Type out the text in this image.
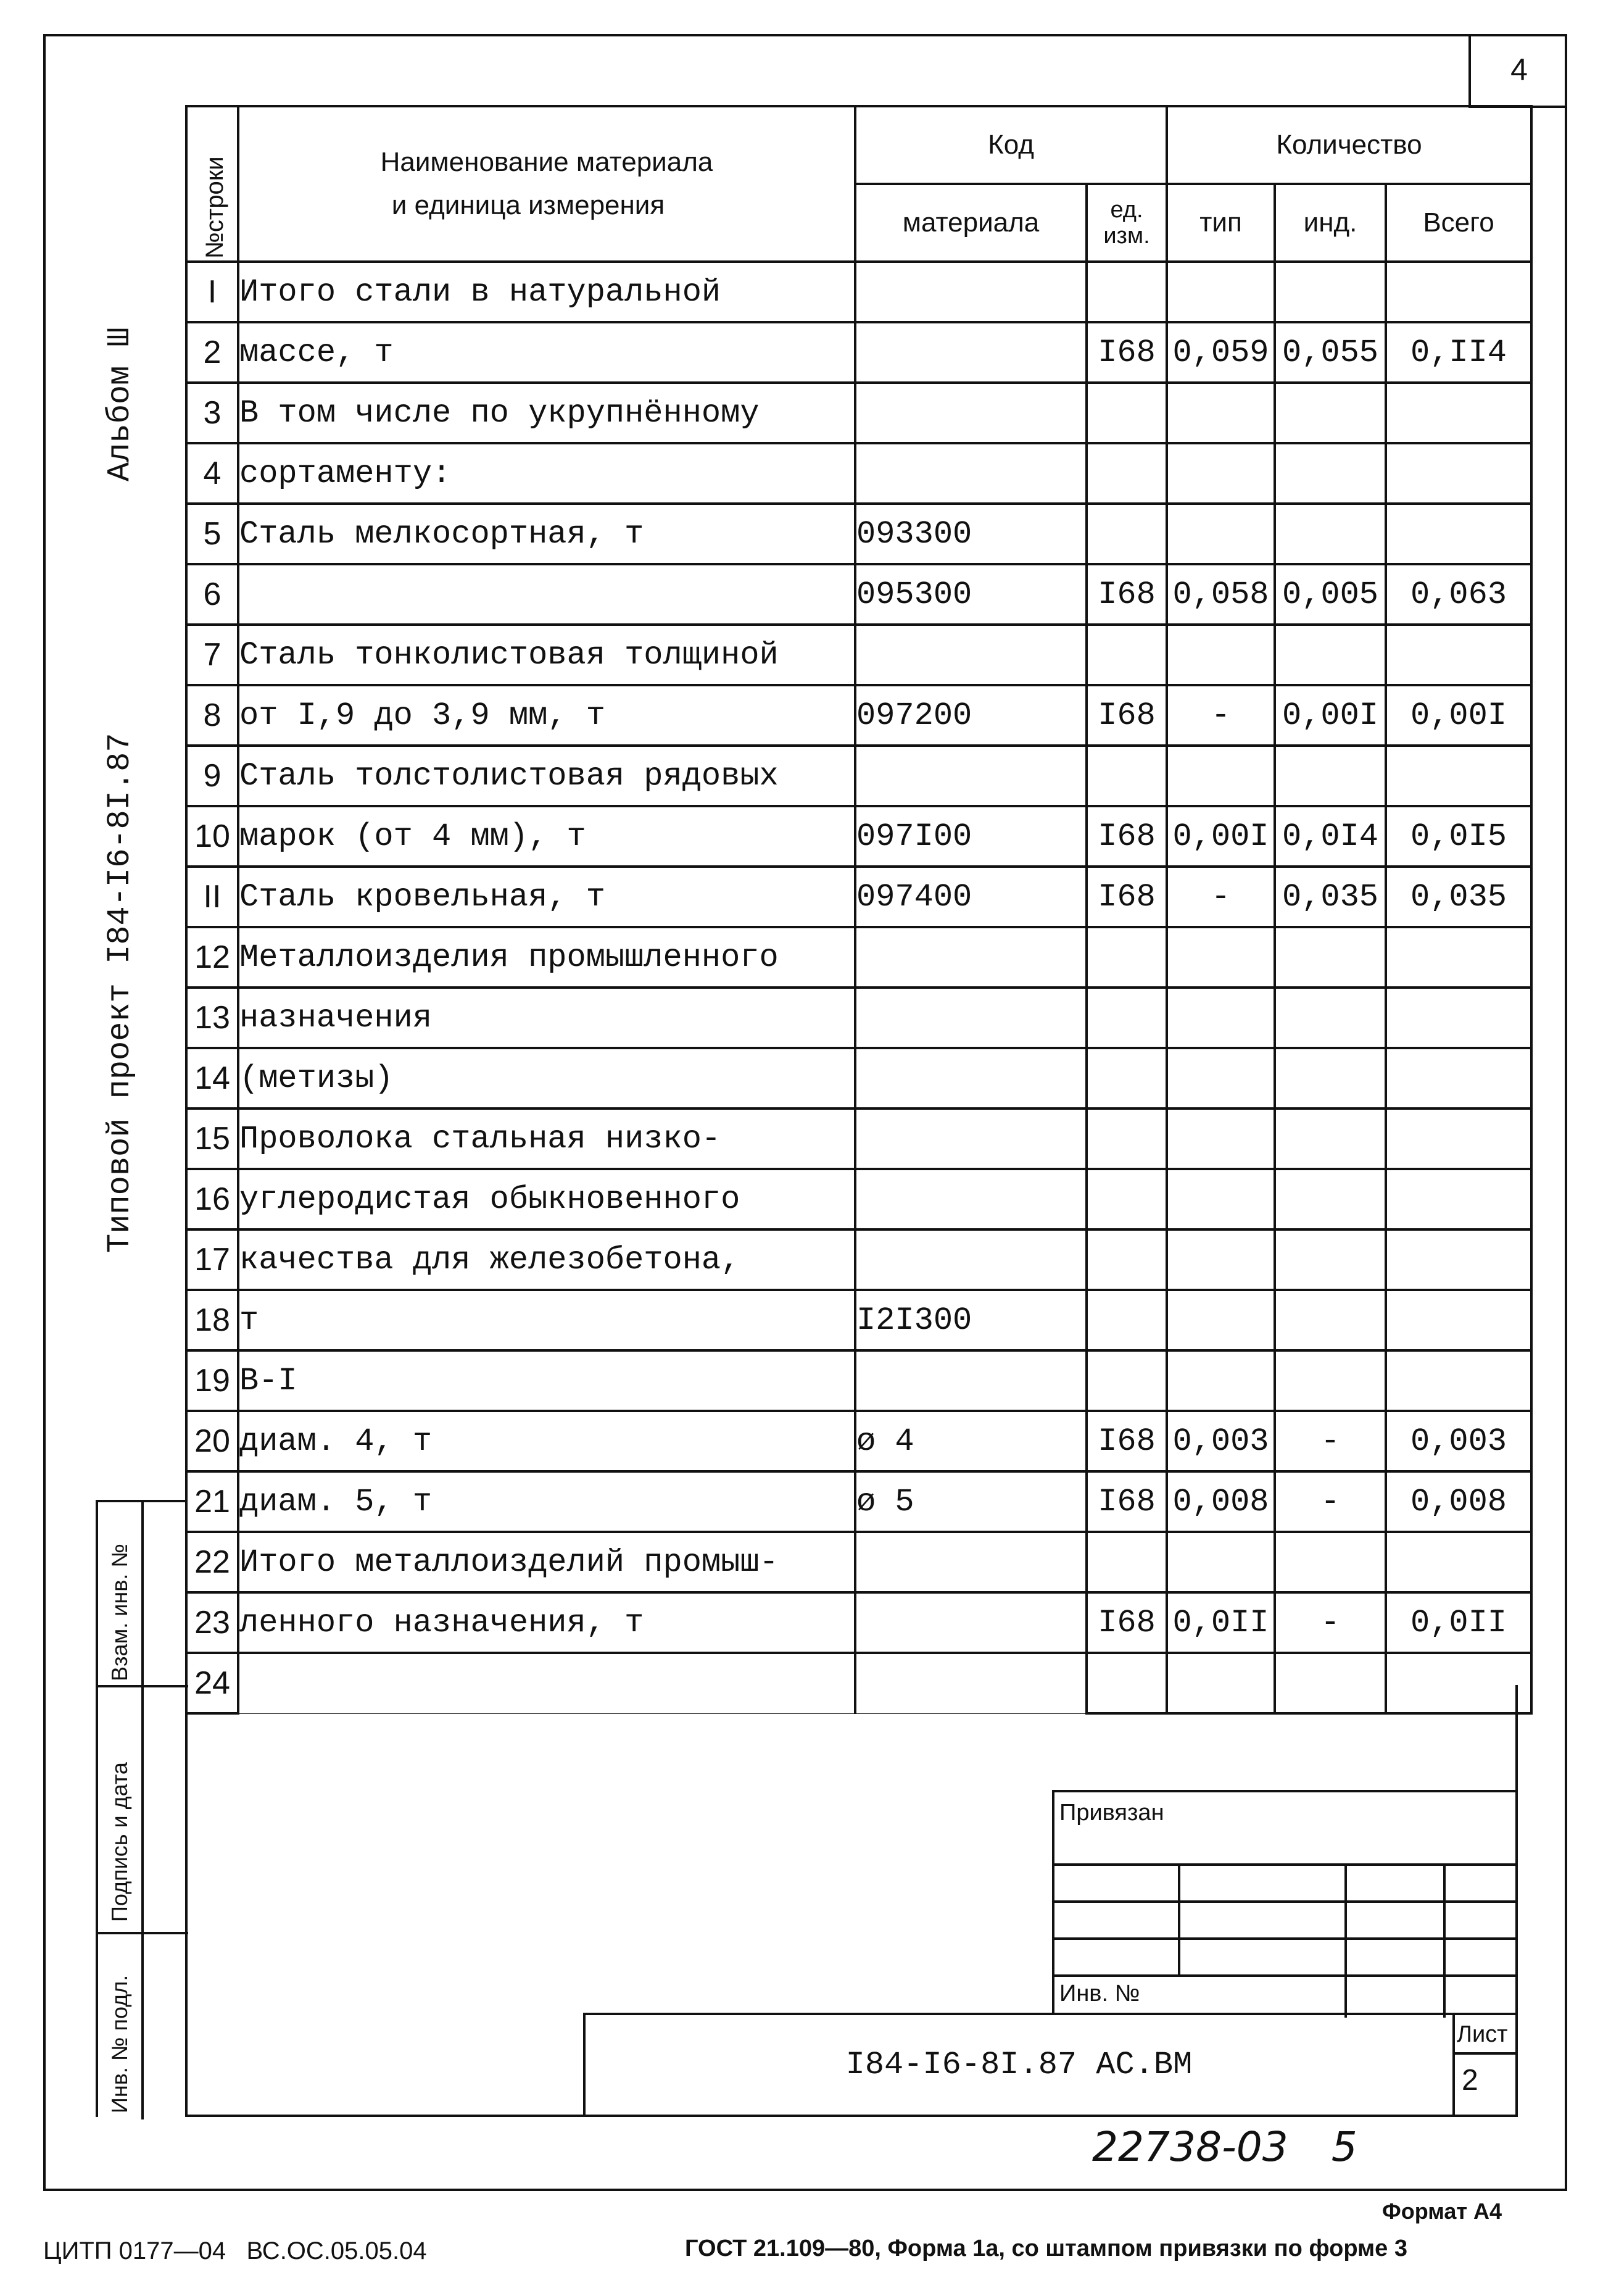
4
Альбом Ш
Типовой проект I84-I6-8I.87
№строки	Наименование материала
и единица измерения	Код		Количество		
		материала	ед. изм.	тип	инд.	Всего
I	Итого стали в натуральной					
2	массе, т		I68	0,059	0,055	0,II4
3	В том числе по укрупнённому					
4	сортаменту:					
5	Сталь мелкосортная, т	093300				
6		095300	I68	0,058	0,005	0,063
7	Сталь тонколистовая толщиной					
8	от I,9 до 3,9 мм, т	097200	I68	-	0,00I	0,00I
9	Сталь толстолистовая рядовых					
10	марок (от 4 мм), т	097I00	I68	0,00I	0,0I4	0,0I5
II	Сталь кровельная, т	097400	I68	-	0,035	0,035
12	Металлоизделия промышленного					
13	назначения					
14	(метизы)					
15	Проволока стальная низко-					
16	углеродистая обыкновенного					
17	качества для железобетона,					
18	т	I2I300				
19	В-I					
20	диам. 4, т	ø 4	I68	0,003	-	0,003
21	диам. 5, т	ø 5	I68	0,008	-	0,008
22	Итого металлоизделий промыш-					
23	ленного назначения, т		I68	0,0II	-	0,0II
24						
Взам. инв. №
Подпись и дата
Инв. № подл.
Привязан
Инв. №
I84-I6-8I.87 АС.ВМ
Лист
2
22738-03 5
Формат А4
ЦИТП 0177—04   ВС.ОС.05.05.04	ГОСТ 21.109—80, Форма 1а, со штампом привязки по форме 3
